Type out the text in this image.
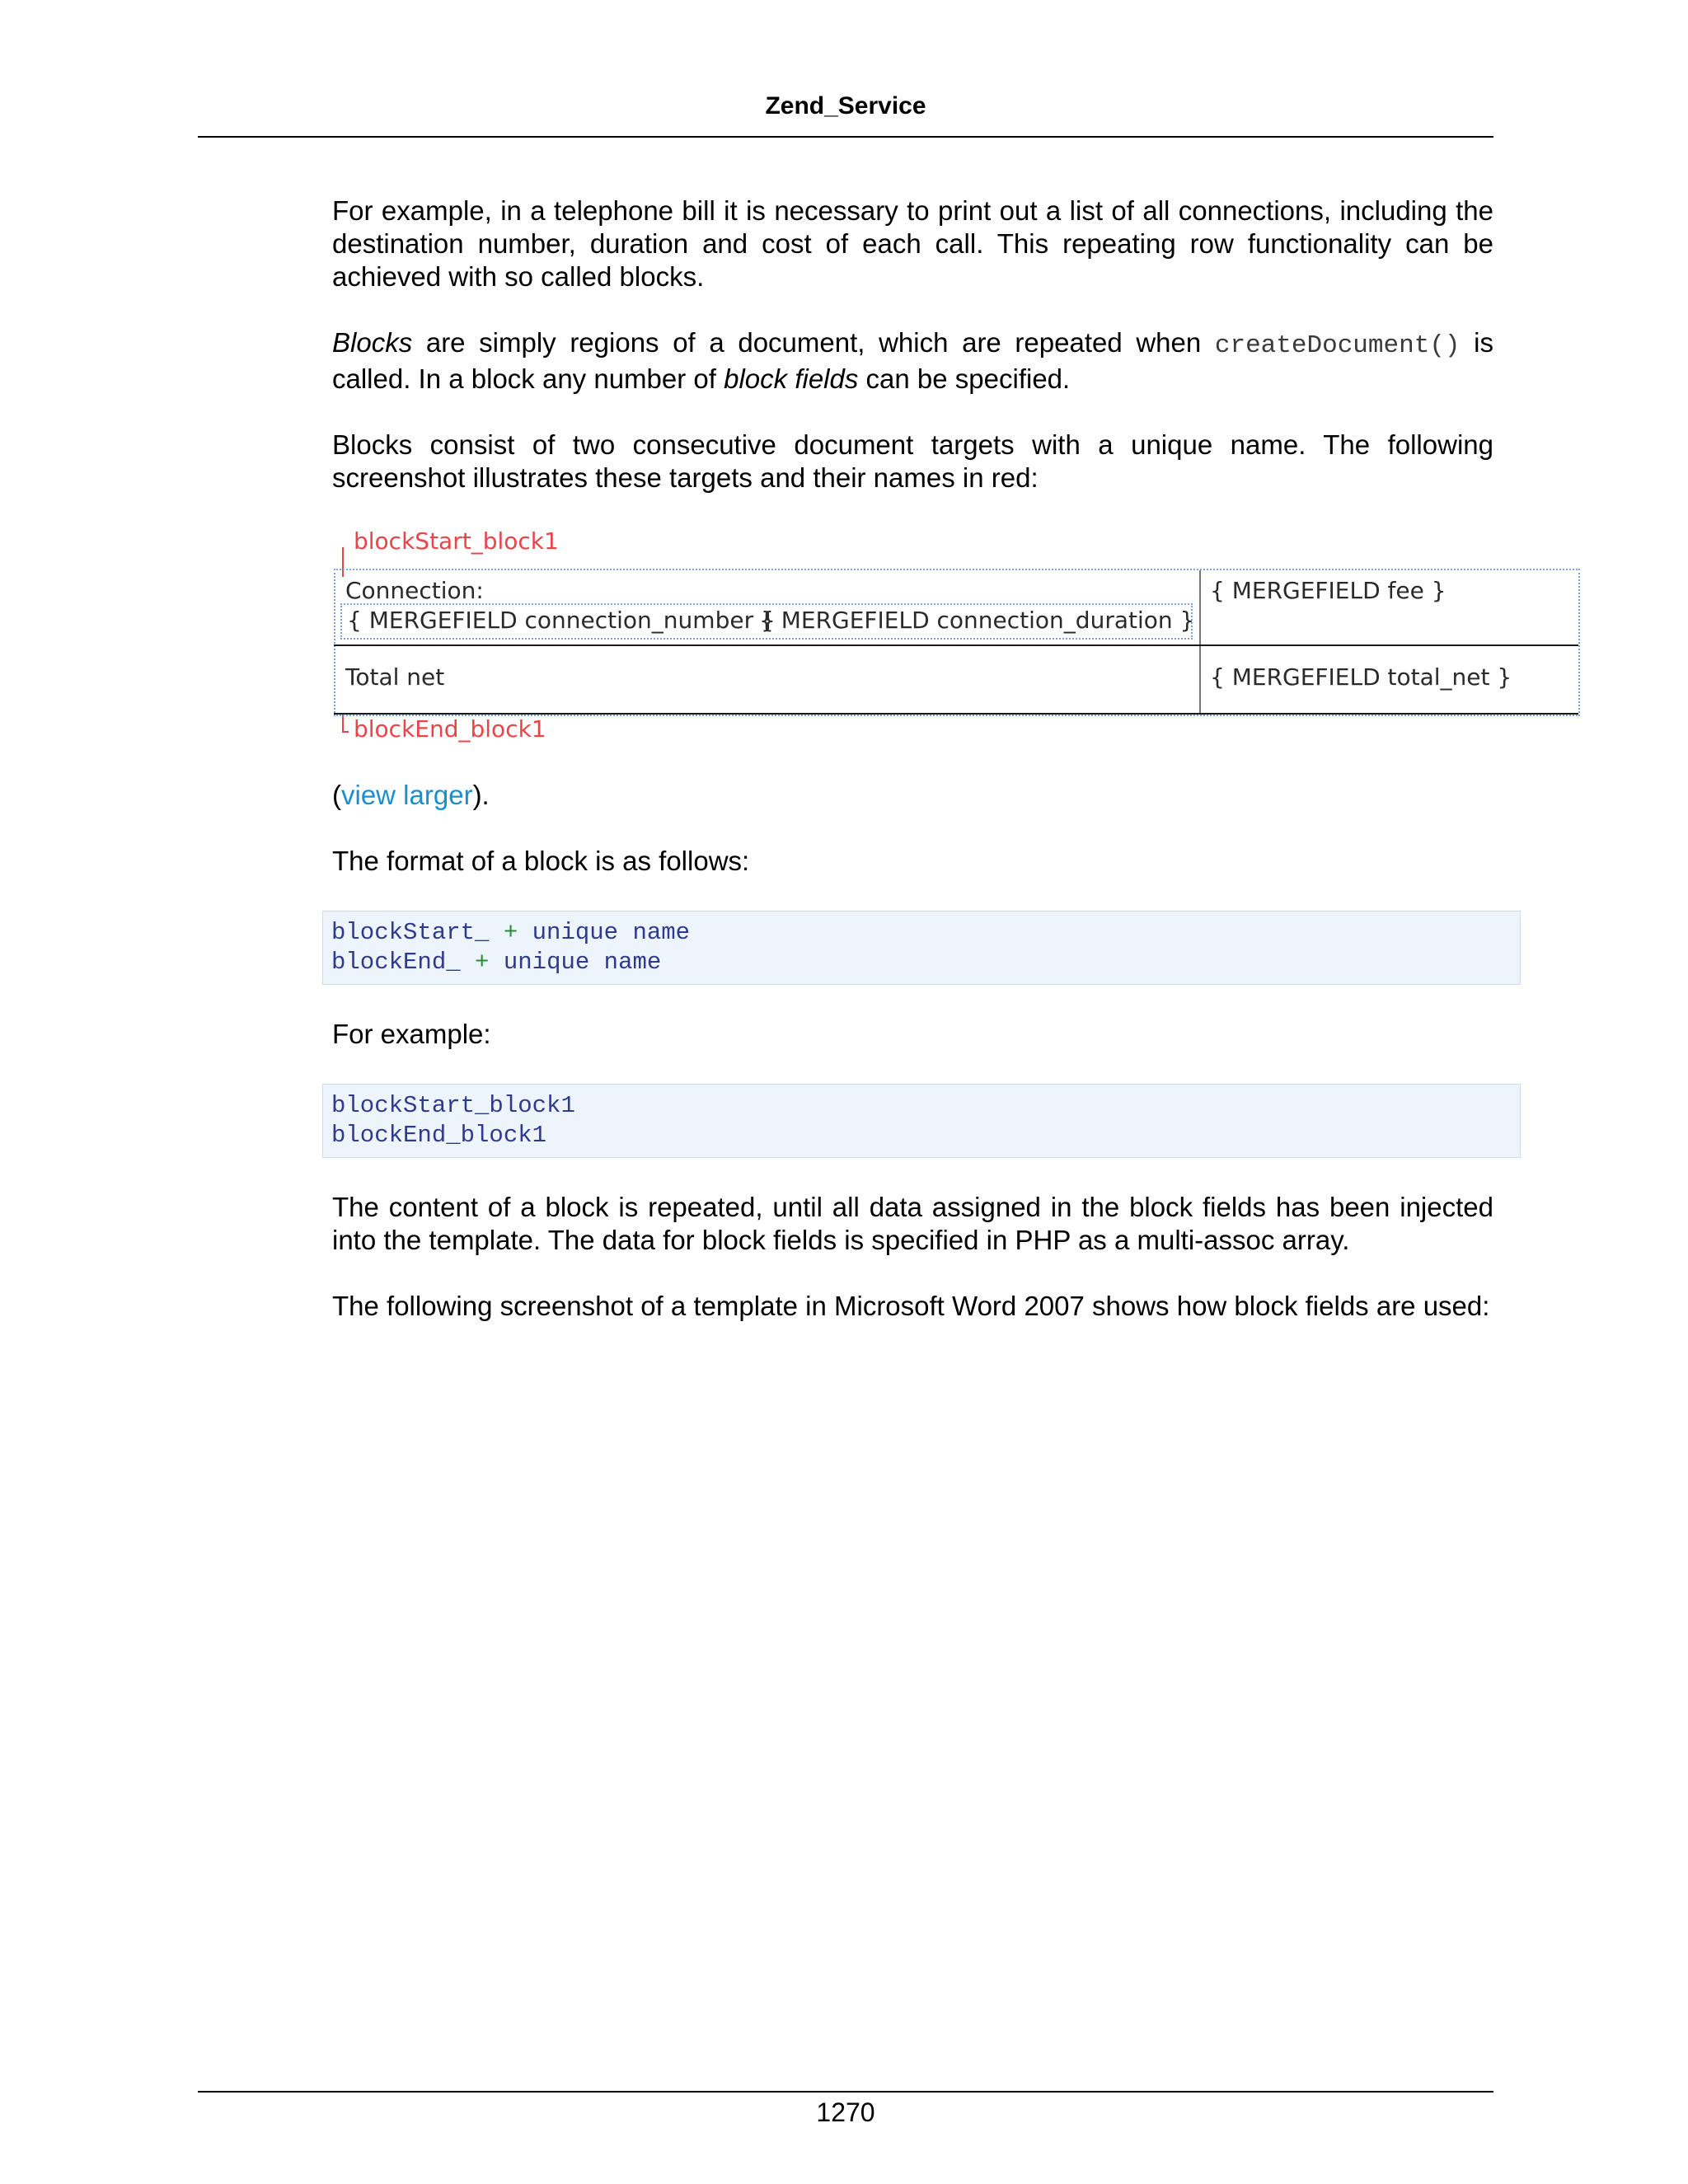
Zend_Service

For example, in a telephone bill it is necessary to print out a list of all connections, including the destination number, duration and cost of each call. This repeating row functionality can be achieved with so called blocks.

Blocks are simply regions of a document, which are repeated when createDocument() is called. In a block any number of block fields can be specified.

Blocks consist of two consecutive document targets with a unique name. The following screenshot illustrates these targets and their names in red:

blockStart_block1
Connection:
{ MERGEFIELD connection_number }
{ MERGEFIELD connection_duration }
{ MERGEFIELD fee }
Total net	{ MERGEFIELD total_net }
blockEnd_block1

(view larger).

The format of a block is as follows:

blockStart_ + unique name
blockEnd_ + unique name

For example:

blockStart_block1
blockEnd_block1

The content of a block is repeated, until all data assigned in the block fields has been injected into the template. The data for block fields is specified in PHP as a multi-assoc array.

The following screenshot of a template in Microsoft Word 2007 shows how block fields are used:

1270
